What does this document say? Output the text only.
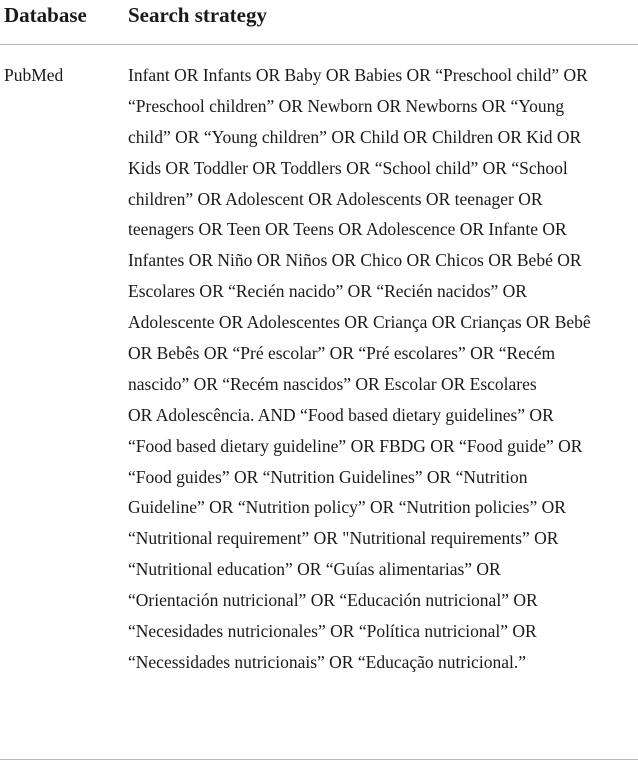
Database Search strategy
PubMed	Infant OR Infants OR Baby OR Babies OR “Preschool child” OR
“Preschool children” OR Newborn OR Newborns OR “Young
child” OR “Young children” OR Child OR Children OR Kid OR
Kids OR Toddler OR Toddlers OR “School child” OR “School
children” OR Adolescent OR Adolescents OR teenager OR
teenagers OR Teen OR Teens OR Adolescence OR Infante OR
Infantes OR Niño OR Niños OR Chico OR Chicos OR Bebé OR
Escolares OR “Recién nacido” OR “Recién nacidos” OR
Adolescente OR Adolescentes OR Criança OR Crianças OR Bebê
OR Bebês OR “Pré escolar” OR “Pré escolares” OR “Recém
nascido” OR “Recém nascidos” OR Escolar OR Escolares
OR Adolescência. AND “Food based dietary guidelines” OR
“Food based dietary guideline” OR FBDG OR “Food guide” OR
“Food guides” OR “Nutrition Guidelines” OR “Nutrition
Guideline” OR “Nutrition policy” OR “Nutrition policies” OR
“Nutritional requirement” OR "Nutritional requirements” OR
“Nutritional education” OR “Guías alimentarias” OR
“Orientación nutricional” OR “Educación nutricional” OR
“Necesidades nutricionales” OR “Política nutricional” OR
“Necessidades nutricionais” OR “Educação nutricional.”
